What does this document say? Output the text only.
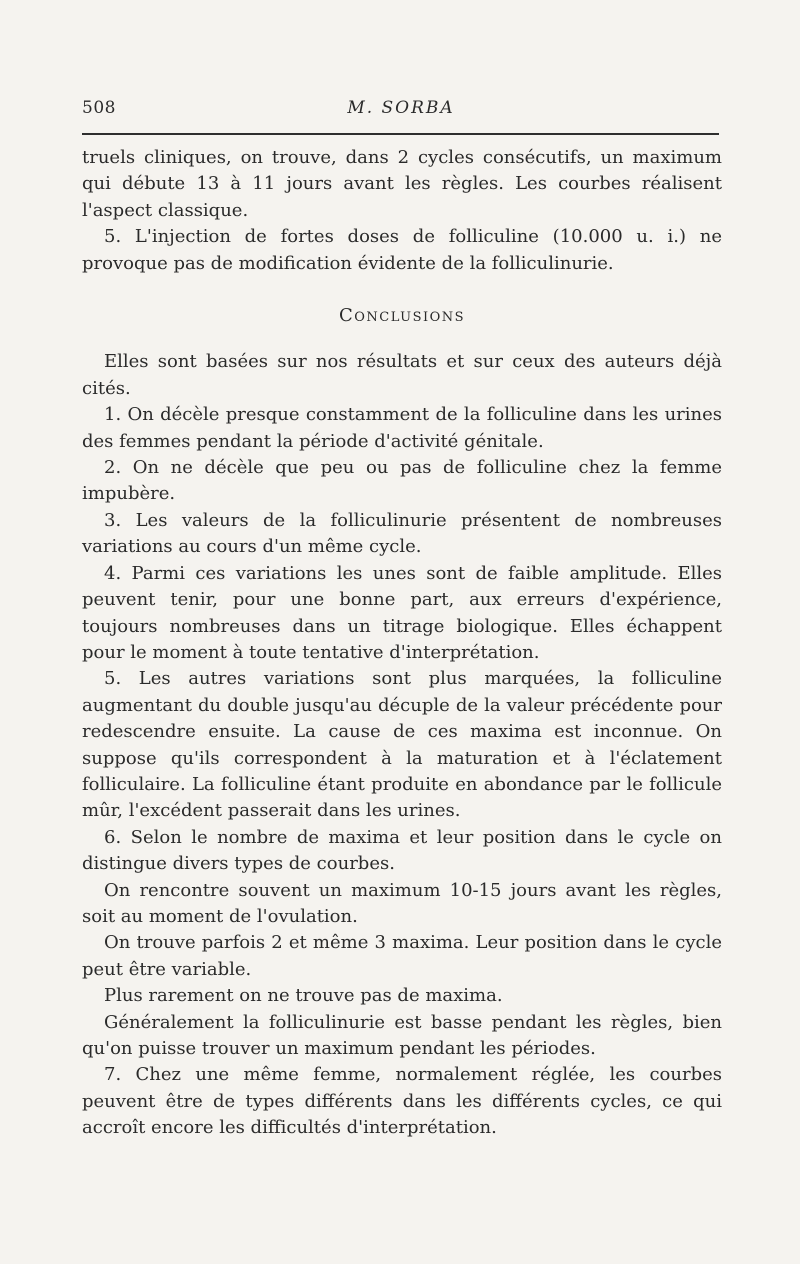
508	M. SORBA

truels cliniques, on trouve, dans 2 cycles consécutifs, un maximum qui débute 13 à 11 jours avant les règles. Les courbes réalisent l'aspect classique.

5. L'injection de fortes doses de folliculine (10.000 u. i.) ne provoque pas de modification évidente de la folliculinurie.

Conclusions

Elles sont basées sur nos résultats et sur ceux des auteurs déjà cités.

1. On décèle presque constamment de la folliculine dans les urines des femmes pendant la période d'activité génitale.

2. On ne décèle que peu ou pas de folliculine chez la femme impubère.

3. Les valeurs de la folliculinurie présentent de nombreuses variations au cours d'un même cycle.

4. Parmi ces variations les unes sont de faible amplitude. Elles peuvent tenir, pour une bonne part, aux erreurs d'expérience, toujours nombreuses dans un titrage biologique. Elles échappent pour le moment à toute tentative d'interprétation.

5. Les autres variations sont plus marquées, la folliculine augmentant du double jusqu'au décuple de la valeur précédente pour redescendre ensuite. La cause de ces maxima est inconnue. On suppose qu'ils correspondent à la maturation et à l'éclatement folliculaire. La folliculine étant produite en abondance par le follicule mûr, l'excédent passerait dans les urines.

6. Selon le nombre de maxima et leur position dans le cycle on distingue divers types de courbes.

On rencontre souvent un maximum 10-15 jours avant les règles, soit au moment de l'ovulation.

On trouve parfois 2 et même 3 maxima. Leur position dans le cycle peut être variable.

Plus rarement on ne trouve pas de maxima.

Généralement la folliculinurie est basse pendant les règles, bien qu'on puisse trouver un maximum pendant les périodes.

7. Chez une même femme, normalement réglée, les courbes peuvent être de types différents dans les différents cycles, ce qui accroît encore les difficultés d'interprétation.
